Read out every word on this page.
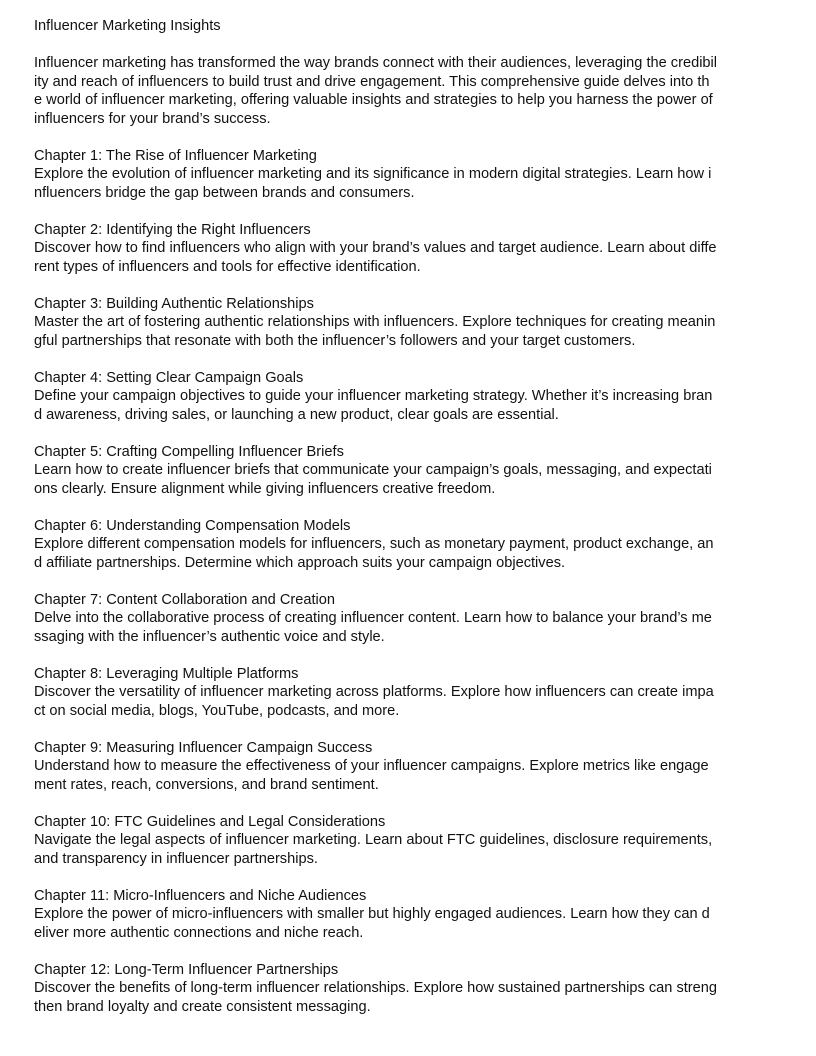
Influencer Marketing Insights
Influencer marketing has transformed the way brands connect with their audiences, leveraging the credibil
ity and reach of influencers to build trust and drive engagement. This comprehensive guide delves into th
e world of influencer marketing, offering valuable insights and strategies to help you harness the power of
influencers for your brand’s success.
Chapter 1: The Rise of Influencer Marketing
Explore the evolution of influencer marketing and its significance in modern digital strategies. Learn how i
nfluencers bridge the gap between brands and consumers.
Chapter 2: Identifying the Right Influencers
Discover how to find influencers who align with your brand’s values and target audience. Learn about diffe
rent types of influencers and tools for effective identification.
Chapter 3: Building Authentic Relationships
Master the art of fostering authentic relationships with influencers. Explore techniques for creating meanin
gful partnerships that resonate with both the influencer’s followers and your target customers.
Chapter 4: Setting Clear Campaign Goals
Define your campaign objectives to guide your influencer marketing strategy. Whether it’s increasing bran
d awareness, driving sales, or launching a new product, clear goals are essential.
Chapter 5: Crafting Compelling Influencer Briefs
Learn how to create influencer briefs that communicate your campaign’s goals, messaging, and expectati
ons clearly. Ensure alignment while giving influencers creative freedom.
Chapter 6: Understanding Compensation Models
Explore different compensation models for influencers, such as monetary payment, product exchange, an
d affiliate partnerships. Determine which approach suits your campaign objectives.
Chapter 7: Content Collaboration and Creation
Delve into the collaborative process of creating influencer content. Learn how to balance your brand’s me
ssaging with the influencer’s authentic voice and style.
Chapter 8: Leveraging Multiple Platforms
Discover the versatility of influencer marketing across platforms. Explore how influencers can create impa
ct on social media, blogs, YouTube, podcasts, and more.
Chapter 9: Measuring Influencer Campaign Success
Understand how to measure the effectiveness of your influencer campaigns. Explore metrics like engage
ment rates, reach, conversions, and brand sentiment.
Chapter 10: FTC Guidelines and Legal Considerations
Navigate the legal aspects of influencer marketing. Learn about FTC guidelines, disclosure requirements,
and transparency in influencer partnerships.
Chapter 11: Micro-Influencers and Niche Audiences
Explore the power of micro-influencers with smaller but highly engaged audiences. Learn how they can d
eliver more authentic connections and niche reach.
Chapter 12: Long-Term Influencer Partnerships
Discover the benefits of long-term influencer relationships. Explore how sustained partnerships can streng
then brand loyalty and create consistent messaging.
